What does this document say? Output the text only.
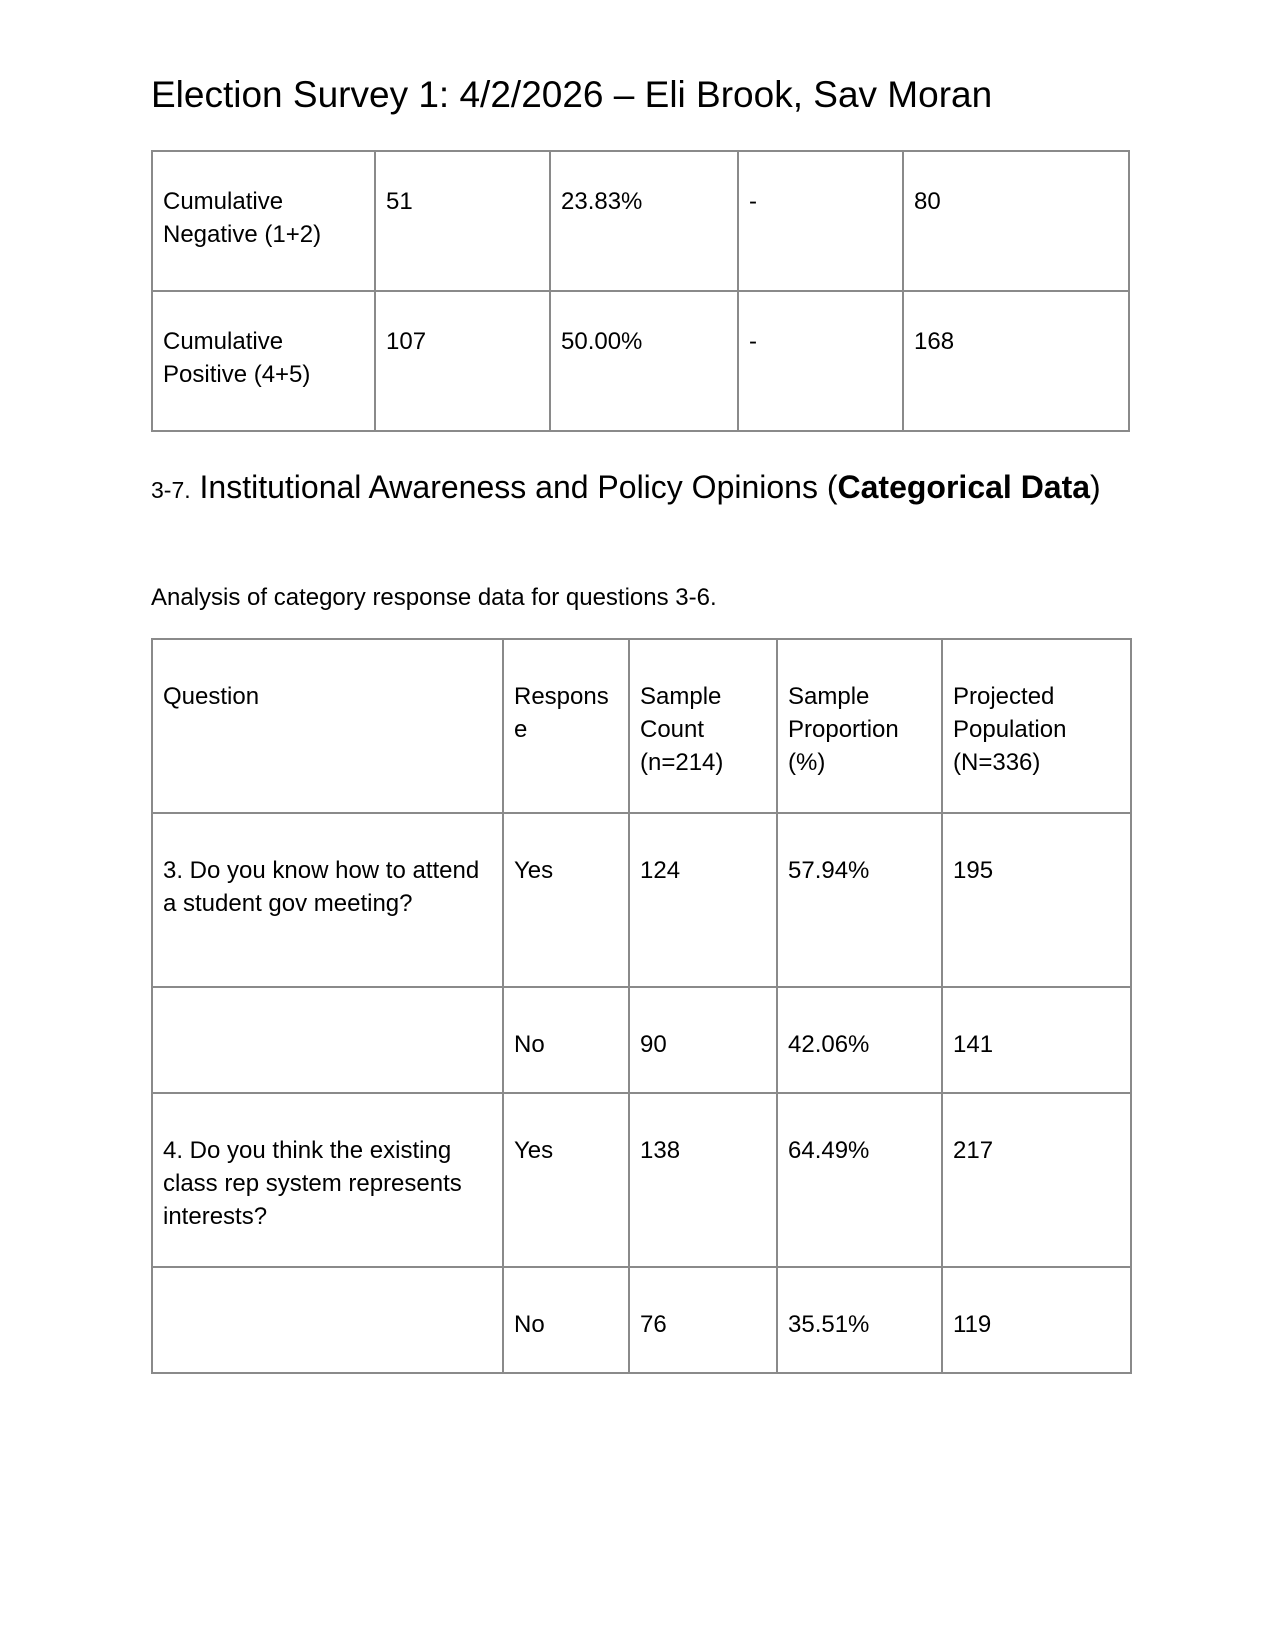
Election Survey 1: 4/2/2026 – Eli Brook, Sav Moran
Cumulative Negative (1+2)	51	23.83%	-	80
Cumulative Positive (4+5)	107	50.00%	-	168
3-7. Institutional Awareness and Policy Opinions (Categorical Data)

Analysis of category response data for questions 3-6.

Question	Respons e	Sample Count (n=214)	Sample Proportion (%)	Projected Population (N=336)
3. Do you know how to attend a student gov meeting?	Yes	124	57.94%	195
	No	90	42.06%	141
4. Do you think the existing class rep system represents interests?	Yes	138	64.49%	217
	No	76	35.51%	119
